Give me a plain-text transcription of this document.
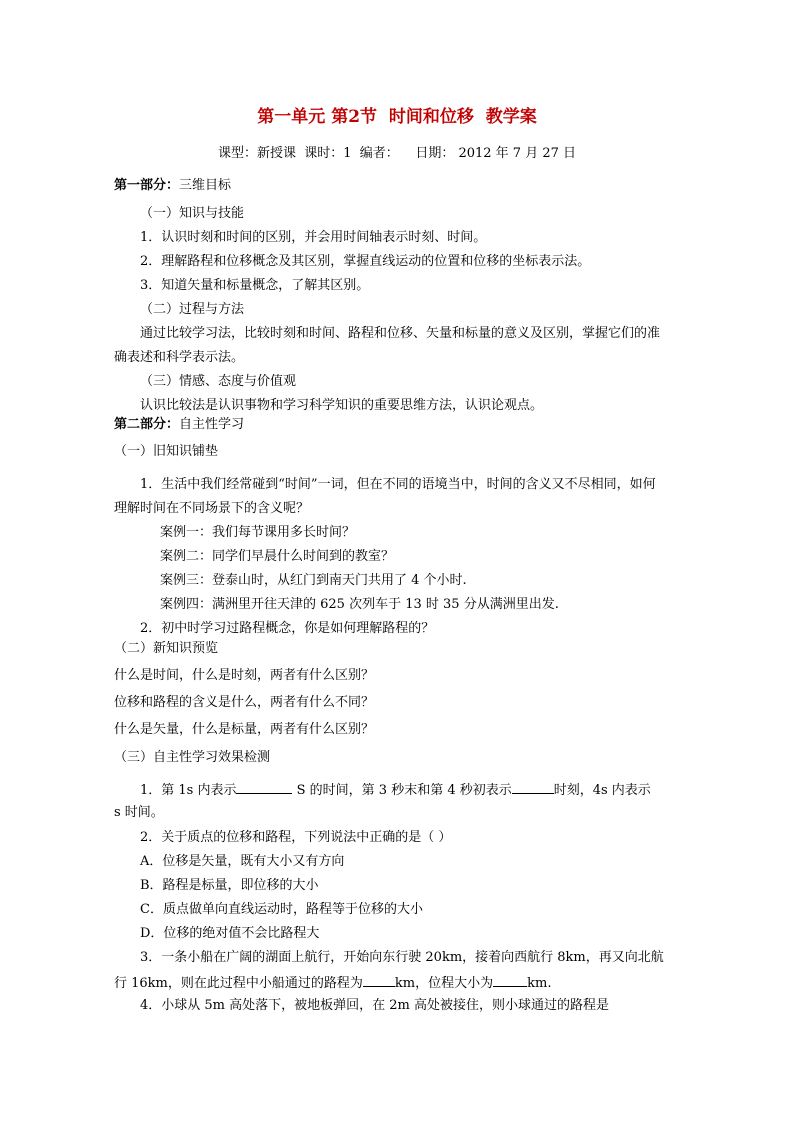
第一单元 第2节  时间和位移  教学案
课型：新授课  课时：1  编者：    日期： 2012 年 7 月 27 日
第一部分：三维目标
（一）知识与技能
1．认识时刻和时间的区别，并会用时间轴表示时刻、时间。
2．理解路程和位移概念及其区别，掌握直线运动的位置和位移的坐标表示法。
3．知道矢量和标量概念，了解其区别。
（二）过程与方法
通过比较学习法，比较时刻和时间、路程和位移、矢量和标量的意义及区别，掌握它们的准
确表述和科学表示法。
（三）情感、态度与价值观
认识比较法是认识事物和学习科学知识的重要思维方法，认识论观点。
第二部分：自主性学习
（一）旧知识铺垫
1．生活中我们经常碰到“时间”一词，但在不同的语境当中，时间的含义又不尽相同，如何
理解时间在不同场景下的含义呢？
案例一：我们每节课用多长时间？
案例二：同学们早晨什么时间到的教室？
案例三：登泰山时，从红门到南天门共用了 4 个小时.
案例四：满洲里开往天津的 625 次列车于 13 时 35 分从满洲里出发.
2．初中时学习过路程概念，你是如何理解路程的？
（二）新知识预览
什么是时间，什么是时刻，两者有什么区别？
位移和路程的含义是什么，两者有什么不同？
什么是矢量，什么是标量，两者有什么区别？
（三）自主性学习效果检测
1．第 1s 内表示	S 的时间，第 3 秒末和第 4 秒初表示	时刻，4s 内表示
s 时间。
2．关于质点的位移和路程，下列说法中正确的是（ ）
A．位移是矢量，既有大小又有方向
B．路程是标量，即位移的大小
C．质点做单向直线运动时，路程等于位移的大小
D．位移的绝对值不会比路程大
3．一条小船在广阔的湖面上航行，开始向东行驶 20km，接着向西航行 8km，再又向北航
行 16km，则在此过程中小船通过的路程为 km，位程大小为	km.
4．小球从 5m 高处落下，被地板弹回，在 2m 高处被接住，则小球通过的路程是
